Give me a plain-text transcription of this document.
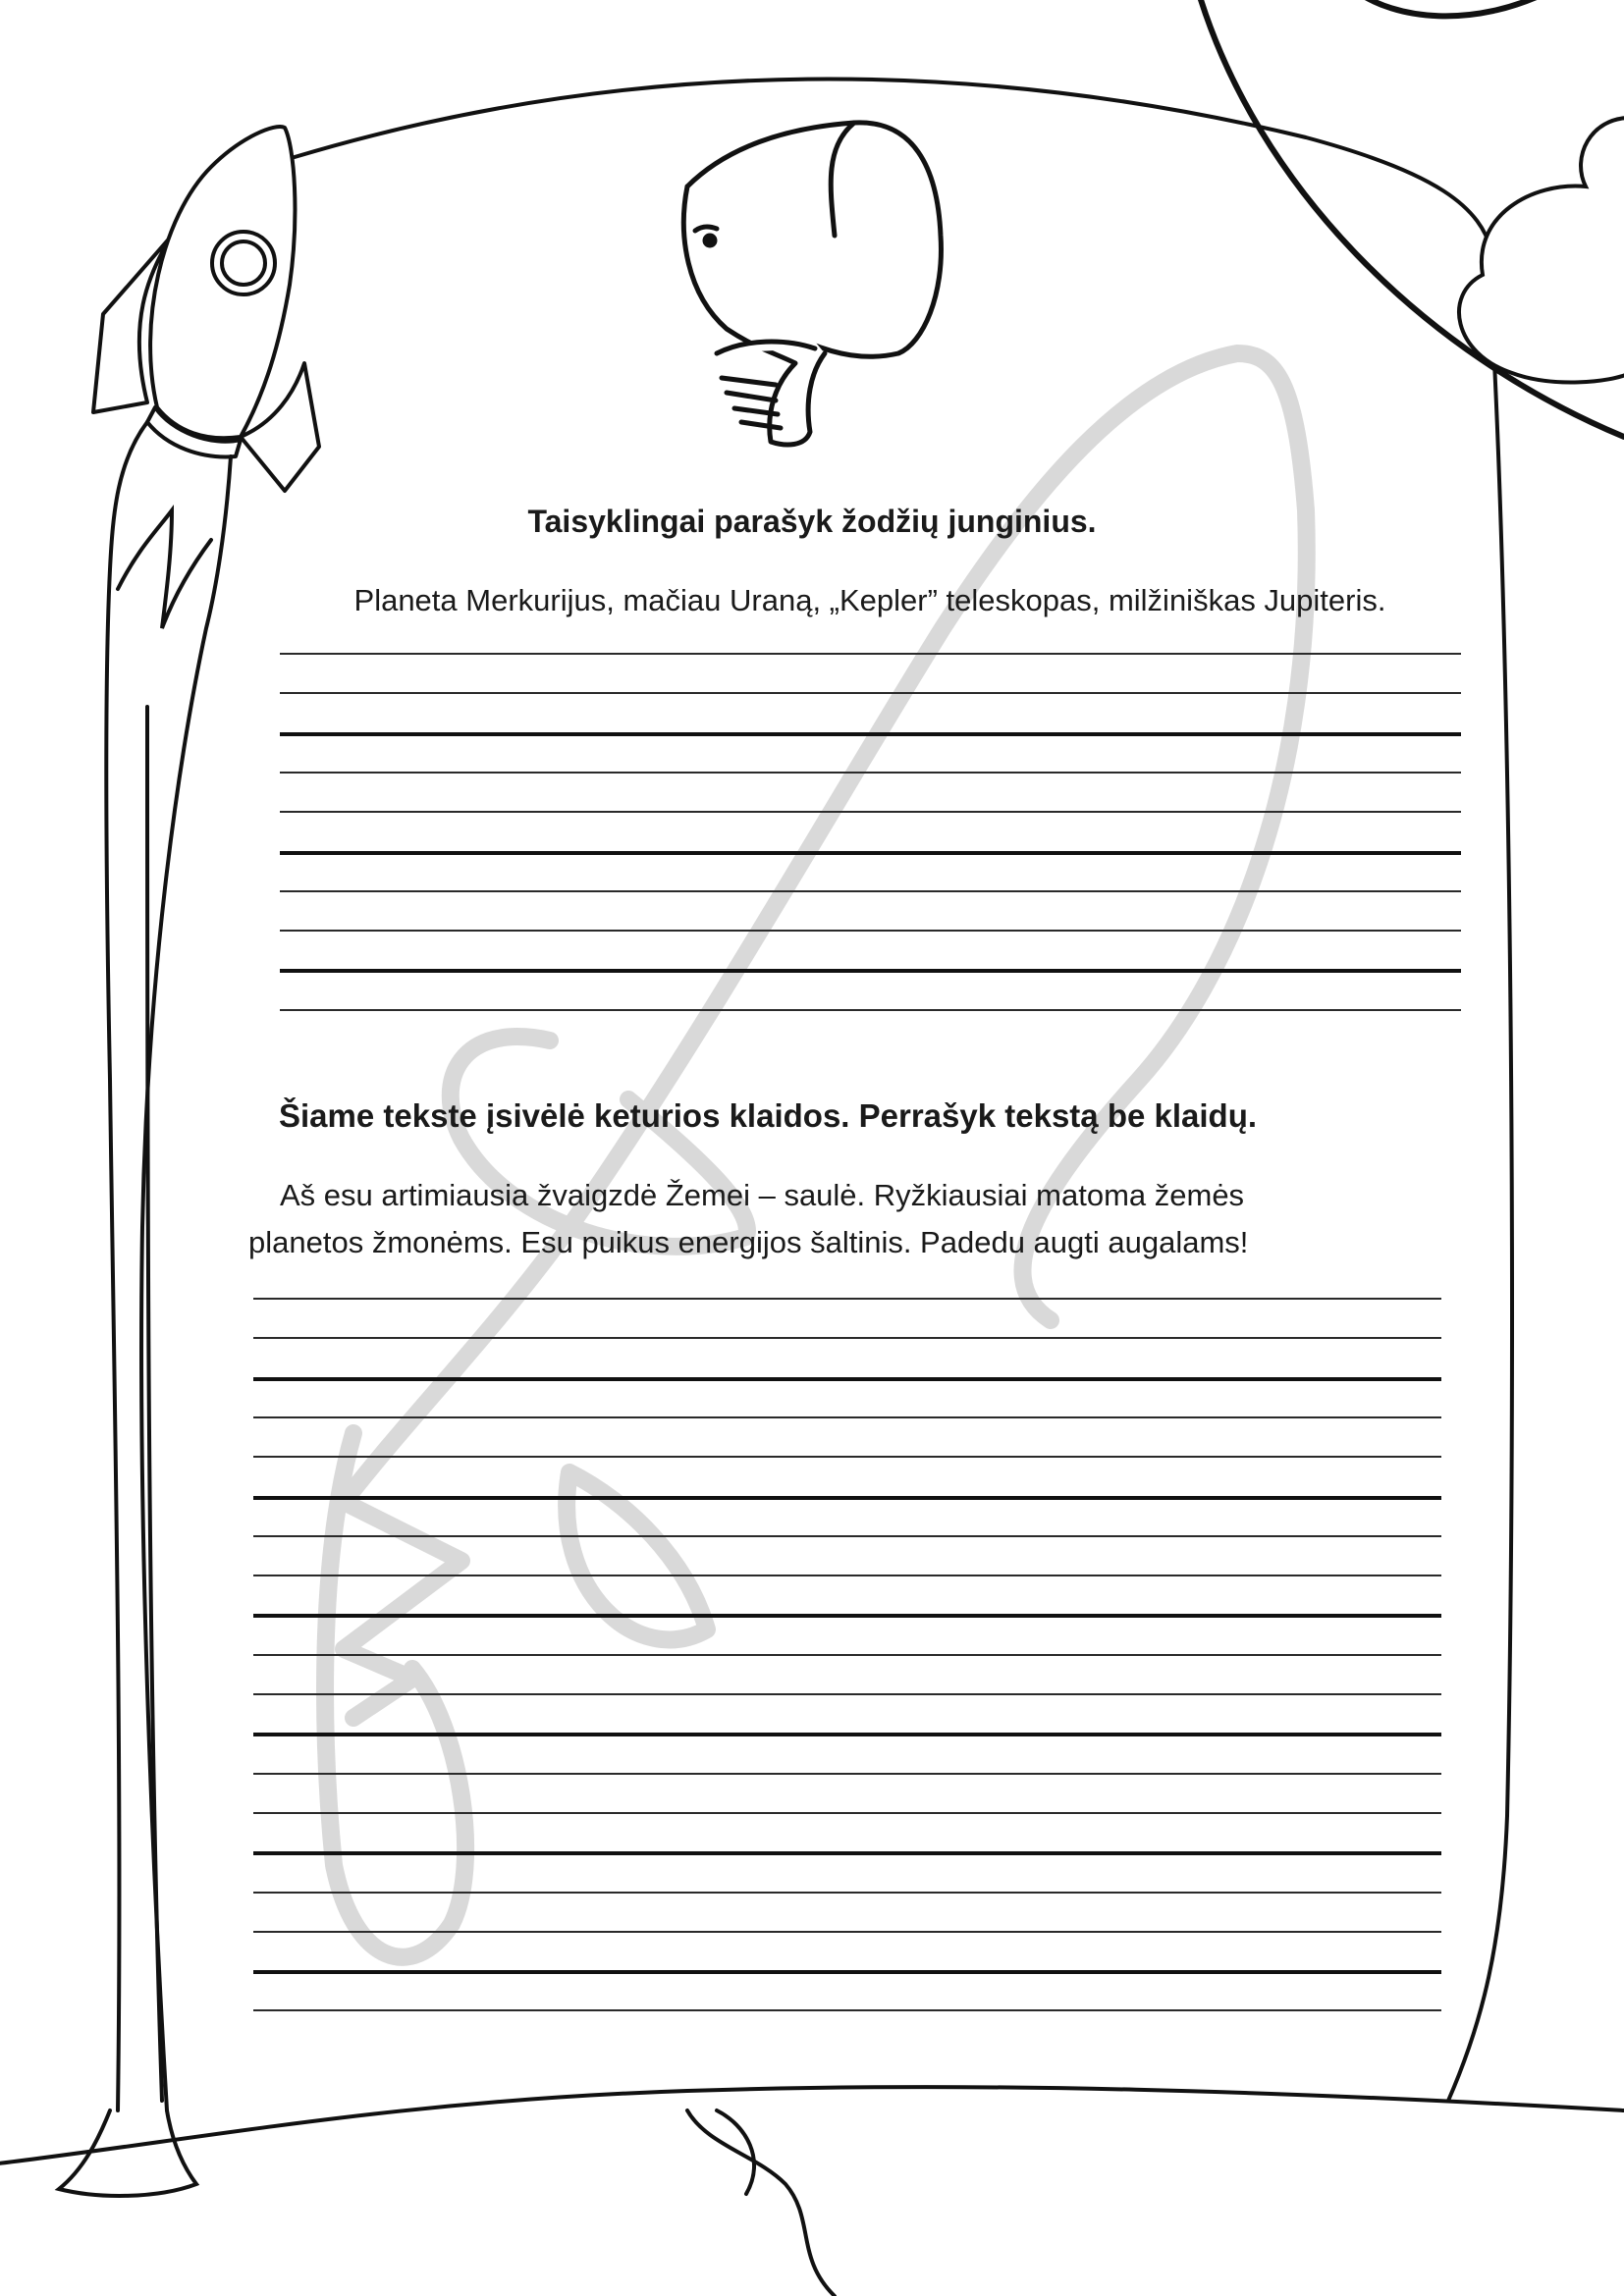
Taisyklingai parašyk žodžių junginius.

Planeta Merkurijus, mačiau Uraną, „Kepler” teleskopas, milžiniškas Jupiteris.

Šiame tekste įsivėlė keturios klaidos. Perrašyk tekstą be klaidų.

Aš esu artimiausia žvaigzdė Žemei – saulė. Ryžkiausiai matoma žemės

planetos žmonėms. Esu puikus energijos šaltinis. Padedu augti augalams!
